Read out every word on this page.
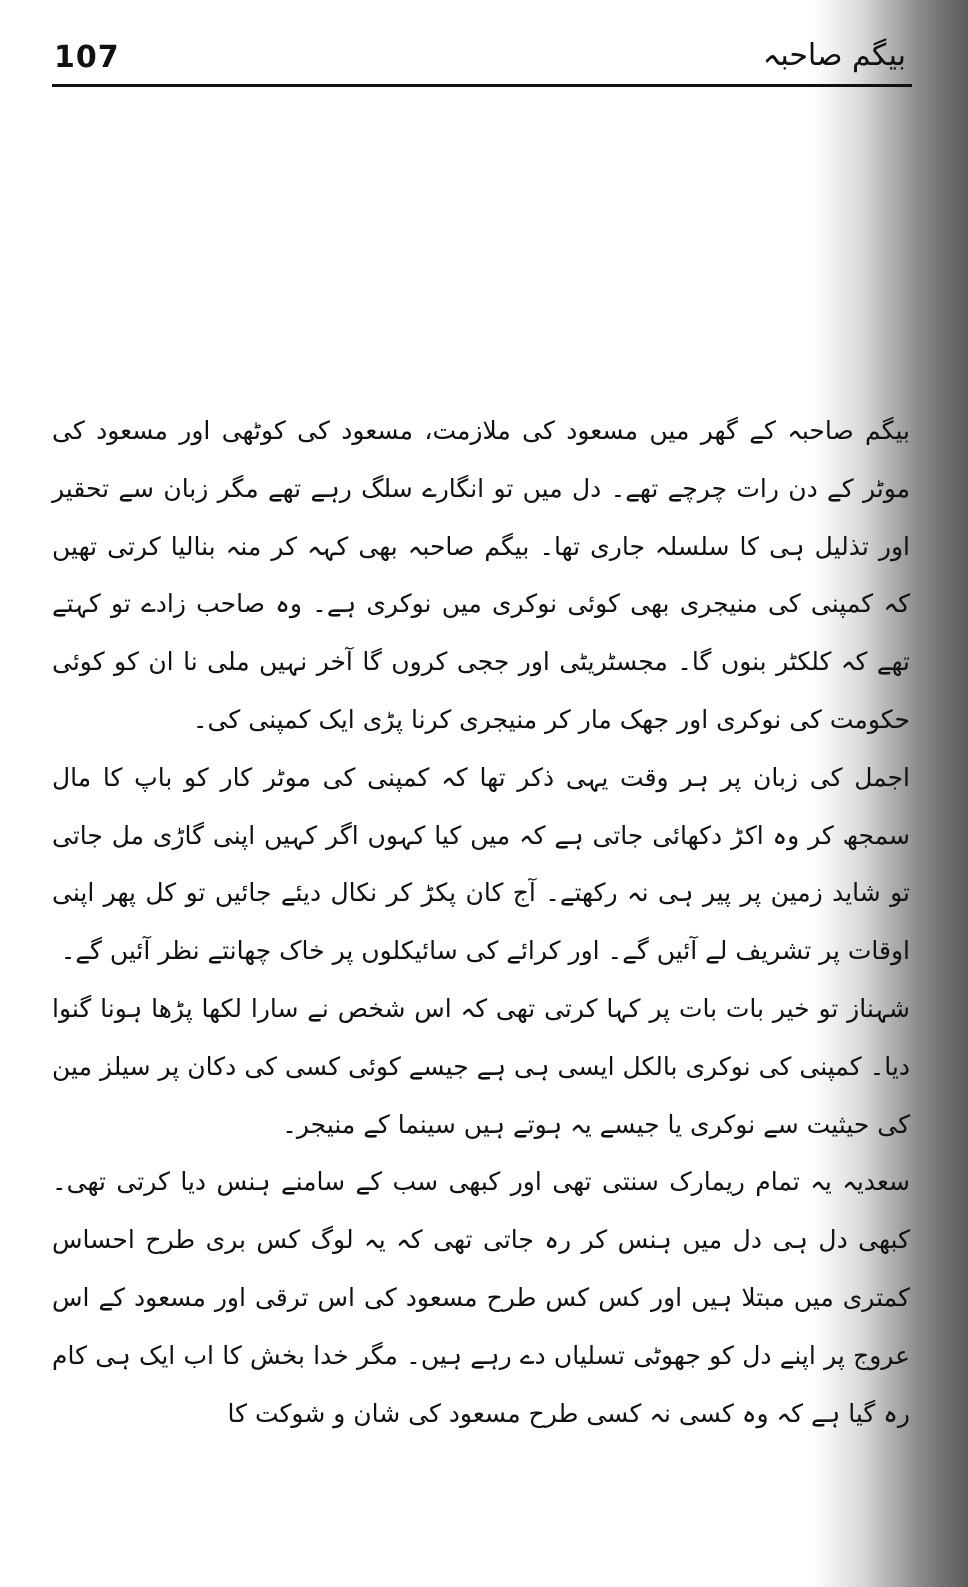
107	بیگم صاحبہ

بیگم صاحبہ کے گھر میں مسعود کی ملازمت، مسعود کی کوٹھی اور مسعود کی موٹر کے دن رات چرچے تھے۔ دل میں تو انگارے سلگ رہے تھے مگر زبان سے تحقیر اور تذلیل ہی کا سلسلہ جاری تھا۔ بیگم صاحبہ بھی کہہ کر منہ بنالیا کرتی تھیں کہ کمپنی کی منیجری بھی کوئی نوکری میں نوکری ہے۔ وہ صاحب زادے تو کہتے تھے کہ کلکٹر بنوں گا۔ مجسٹریٹی اور ججی کروں گا آخر نہیں ملی نا ان کو کوئی حکومت کی نوکری اور جھک مار کر منیجری کرنا پڑی ایک کمپنی کی۔

اجمل کی زبان پر ہر وقت یہی ذکر تھا کہ کمپنی کی موٹر کار کو باپ کا مال سمجھ کر وہ اکڑ دکھائی جاتی ہے کہ میں کیا کہوں اگر کہیں اپنی گاڑی مل جاتی تو شاید زمین پر پیر ہی نہ رکھتے۔ آج کان پکڑ کر نکال دیئے جائیں تو کل پھر اپنی اوقات پر تشریف لے آئیں گے۔ اور کرائے کی سائیکلوں پر خاک چھانتے نظر آئیں گے۔

شہناز تو خیر بات بات پر کہا کرتی تھی کہ اس شخص نے سارا لکھا پڑھا ہونا گنوا دیا۔ کمپنی کی نوکری بالکل ایسی ہی ہے جیسے کوئی کسی کی دکان پر سیلز مین کی حیثیت سے نوکری یا جیسے یہ ہوتے ہیں سینما کے منیجر۔

سعدیہ یہ تمام ریمارک سنتی تھی اور کبھی سب کے سامنے ہنس دیا کرتی تھی۔ کبھی دل ہی دل میں ہنس کر رہ جاتی تھی کہ یہ لوگ کس بری طرح احساس کمتری میں مبتلا ہیں اور کس کس طرح مسعود کی اس ترقی اور مسعود کے اس عروج پر اپنے دل کو جھوٹی تسلیاں دے رہے ہیں۔ مگر خدا بخش کا اب ایک ہی کام رہ گیا ہے کہ وہ کسی نہ کسی طرح مسعود کی شان و شوکت کا
